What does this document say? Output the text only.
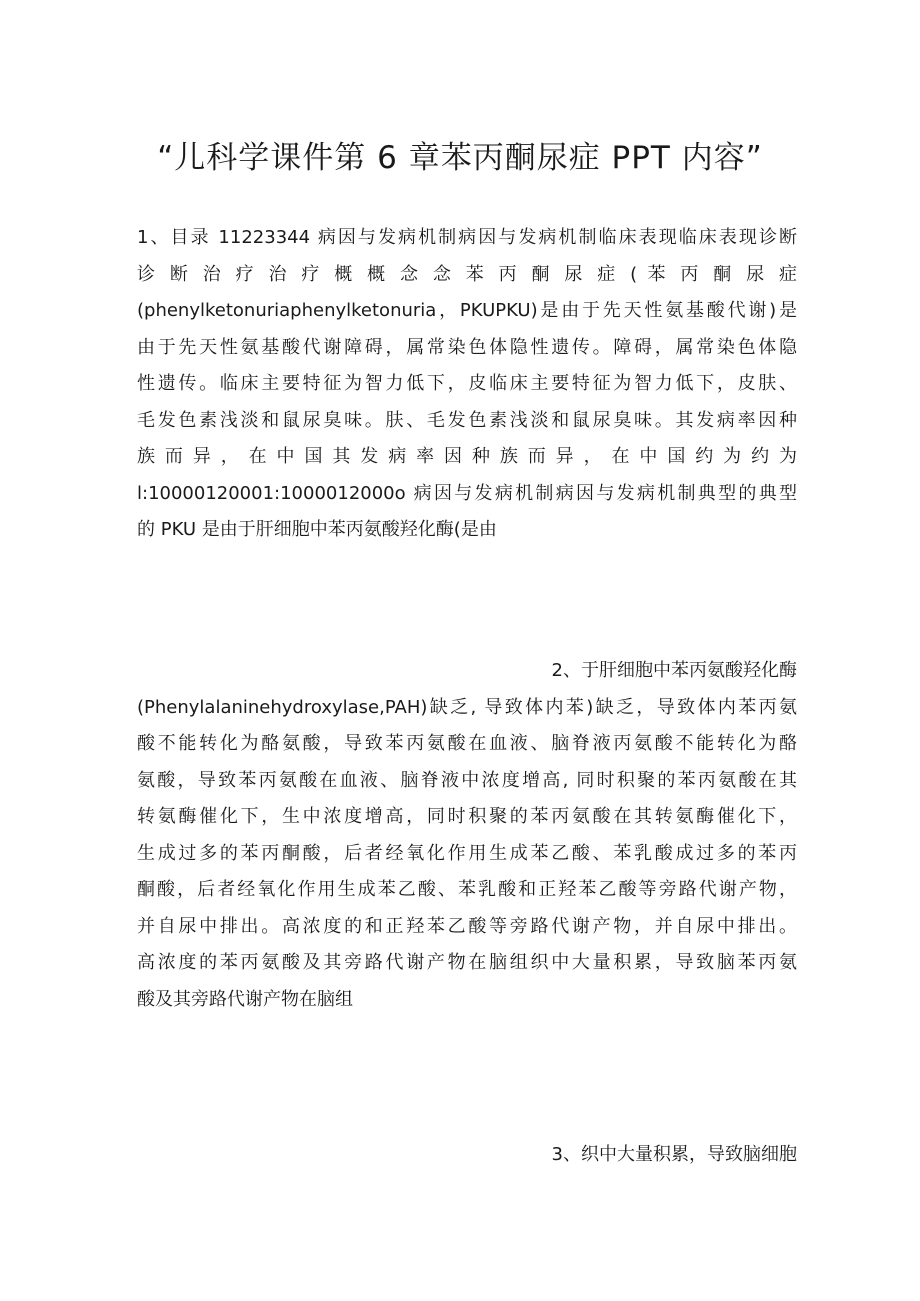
“儿科学课件第 6 章苯丙酮尿症 PPT 内容”
1、目录 11223344 病因与发病机制病因与发病机制临床表现临床表现诊断
诊 断 治 疗 治 疗 概 概 念 念 苯 丙 酮 尿 症 ( 苯 丙 酮 尿 症
(phenylketonuriaphenylketonuria，PKUPKU)是由于先天性氨基酸代谢)是
由于先天性氨基酸代谢障碍，属常染色体隐性遗传。障碍，属常染色体隐
性遗传。临床主要特征为智力低下，皮临床主要特征为智力低下，皮肤、
毛发色素浅淡和鼠尿臭味。肤、毛发色素浅淡和鼠尿臭味。其发病率因种
族 而 异 ， 在 中 国 其 发 病 率 因 种 族 而 异 ， 在 中 国 约 为 约 为
l:10000120001:1000012000o 病因与发病机制病因与发病机制典型的典型
的 PKU 是由于肝细胞中苯丙氨酸羟化酶(是由
2、于肝细胞中苯丙氨酸羟化酶
(Phenylalaninehydroxylase,PAH)缺乏, 导致体内苯)缺乏，导致体内苯丙氨
酸不能转化为酪氨酸，导致苯丙氨酸在血液、脑脊液丙氨酸不能转化为酪
氨酸，导致苯丙氨酸在血液、脑脊液中浓度增高, 同时积聚的苯丙氨酸在其
转氨酶催化下，生中浓度增高，同时积聚的苯丙氨酸在其转氨酶催化下，
生成过多的苯丙酮酸，后者经氧化作用生成苯乙酸、苯乳酸成过多的苯丙
酮酸，后者经氧化作用生成苯乙酸、苯乳酸和正羟苯乙酸等旁路代谢产物，
并自尿中排出。高浓度的和正羟苯乙酸等旁路代谢产物，并自尿中排出。
高浓度的苯丙氨酸及其旁路代谢产物在脑组织中大量积累，导致脑苯丙氨
酸及其旁路代谢产物在脑组
3、织中大量积累，导致脑细胞
